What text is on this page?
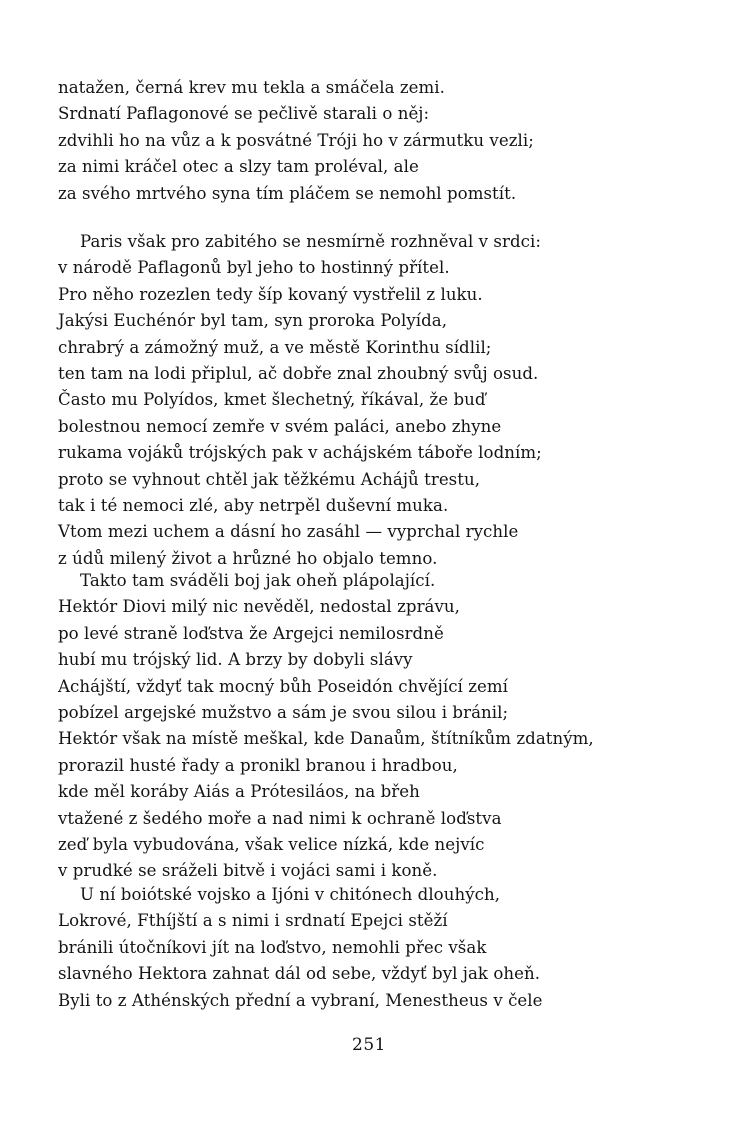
natažen, černá krev mu tekla a smáčela zemi.
Srdnatí Paflagonové se pečlivě starali o něj:
zdvihli ho na vůz a k posvátné Tróji ho v zármutku vezli;
za nimi kráčel otec a slzy tam proléval, ale
za svého mrtvého syna tím pláčem se nemohl pomstít.
Paris však pro zabitého se nesmírně rozhněval v srdci:
v národě Paflagonů byl jeho to hostinný přítel.
Pro něho rozezlen tedy šíp kovaný vystřelil z luku.
Jakýsi Euchénór byl tam, syn proroka Polyída,
chrabrý a zámožný muž, a ve městě Korinthu sídlil;
ten tam na lodi připlul, ač dobře znal zhoubný svůj osud.
Často mu Polyídos, kmet šlechetný, říkával, že buď
bolestnou nemocí zemře v svém paláci, anebo zhyne
rukama vojáků trójských pak v achájském táboře lodním;
proto se vyhnout chtěl jak těžkému Achájů trestu,
tak i té nemoci zlé, aby netrpěl duševní muka.
Vtom mezi uchem a dásní ho zasáhl — vyprchal rychle
z údů milený život a hrůzné ho objalo temno.
Takto tam sváděli boj jak oheň plápolající.
Hektór Diovi milý nic nevěděl, nedostal zprávu,
po levé straně loďstva že Argejci nemilosrdně
hubí mu trójský lid. A brzy by dobyli slávy
Achájští, vždyť tak mocný bůh Poseidón chvějící zemí
pobízel argejské mužstvo a sám je svou silou i bránil;
Hektór však na místě meškal, kde Danaům, štítníkům zdatným,
prorazil husté řady a pronikl branou i hradbou,
kde měl koráby Aiás a Prótesiláos, na břeh
vtažené z šedého moře a nad nimi k ochraně loďstva
zeď byla vybudována, však velice nízká, kde nejvíc
v prudké se sráželi bitvě i vojáci sami i koně.
U ní boiótské vojsko a Ijóni v chitónech dlouhých,
Lokrové, Fthíjští a s nimi i srdnatí Epejci stěží
bránili útočníkovi jít na loďstvo, nemohli přec však
slavného Hektora zahnat dál od sebe, vždyť byl jak oheň.
Byli to z Athénských přední a vybraní, Menestheus v čele
251
